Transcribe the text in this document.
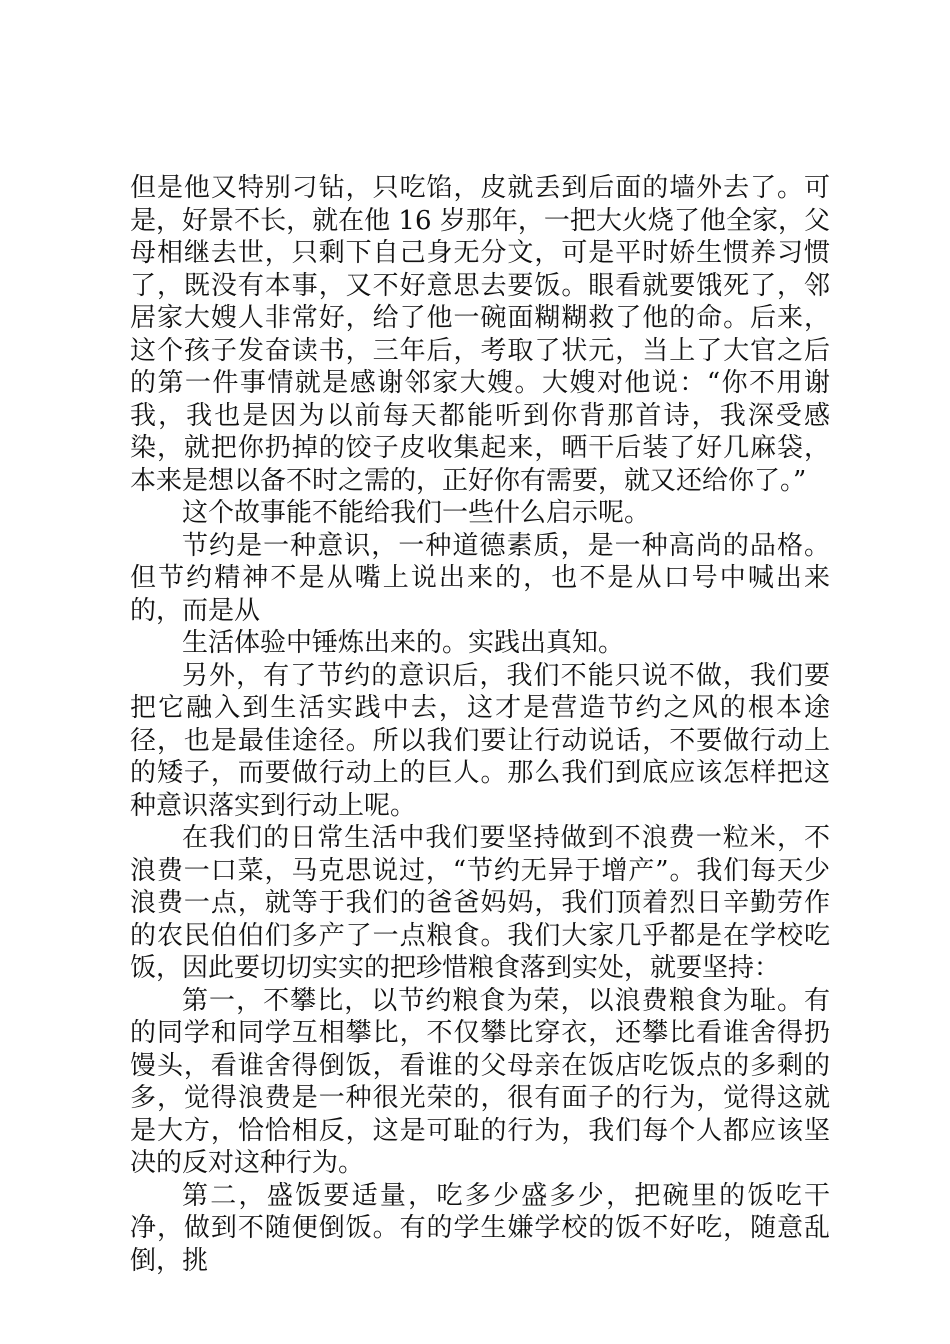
但是他又特别刁钻，只吃馅，皮就丢到后面的墙外去了。可是，好景不长，就在他 16 岁那年，一把大火烧了他全家，父母相继去世，只剩下自己身无分文，可是平时娇生惯养习惯了，既没有本事，又不好意思去要饭。眼看就要饿死了，邻居家大嫂人非常好，给了他一碗面糊糊救了他的命。后来，这个孩子发奋读书，三年后，考取了状元，当上了大官之后的第一件事情就是感谢邻家大嫂。大嫂对他说：“你不用谢我，我也是因为以前每天都能听到你背那首诗，我深受感染，就把你扔掉的饺子皮收集起来，晒干后装了好几麻袋，本来是想以备不时之需的，正好你有需要，就又还给你了。”

这个故事能不能给我们一些什么启示呢。

节约是一种意识，一种道德素质，是一种高尚的品格。但节约精神不是从嘴上说出来的，也不是从口号中喊出来的，而是从

生活体验中锤炼出来的。实践出真知。

另外，有了节约的意识后，我们不能只说不做，我们要把它融入到生活实践中去，这才是营造节约之风的根本途径，也是最佳途径。所以我们要让行动说话，不要做行动上的矮子，而要做行动上的巨人。那么我们到底应该怎样把这种意识落实到行动上呢。

在我们的日常生活中我们要坚持做到不浪费一粒米，不浪费一口菜，马克思说过，“节约无异于增产”。我们每天少浪费一点，就等于我们的爸爸妈妈，我们顶着烈日辛勤劳作的农民伯伯们多产了一点粮食。我们大家几乎都是在学校吃饭，因此要切切实实的把珍惜粮食落到实处，就要坚持：

第一，不攀比，以节约粮食为荣，以浪费粮食为耻。有的同学和同学互相攀比，不仅攀比穿衣，还攀比看谁舍得扔馒头，看谁舍得倒饭，看谁的父母亲在饭店吃饭点的多剩的多，觉得浪费是一种很光荣的，很有面子的行为，觉得这就是大方，恰恰相反，这是可耻的行为，我们每个人都应该坚决的反对这种行为。

第二，盛饭要适量，吃多少盛多少，把碗里的饭吃干净，做到不随便倒饭。有的学生嫌学校的饭不好吃，随意乱倒，挑
